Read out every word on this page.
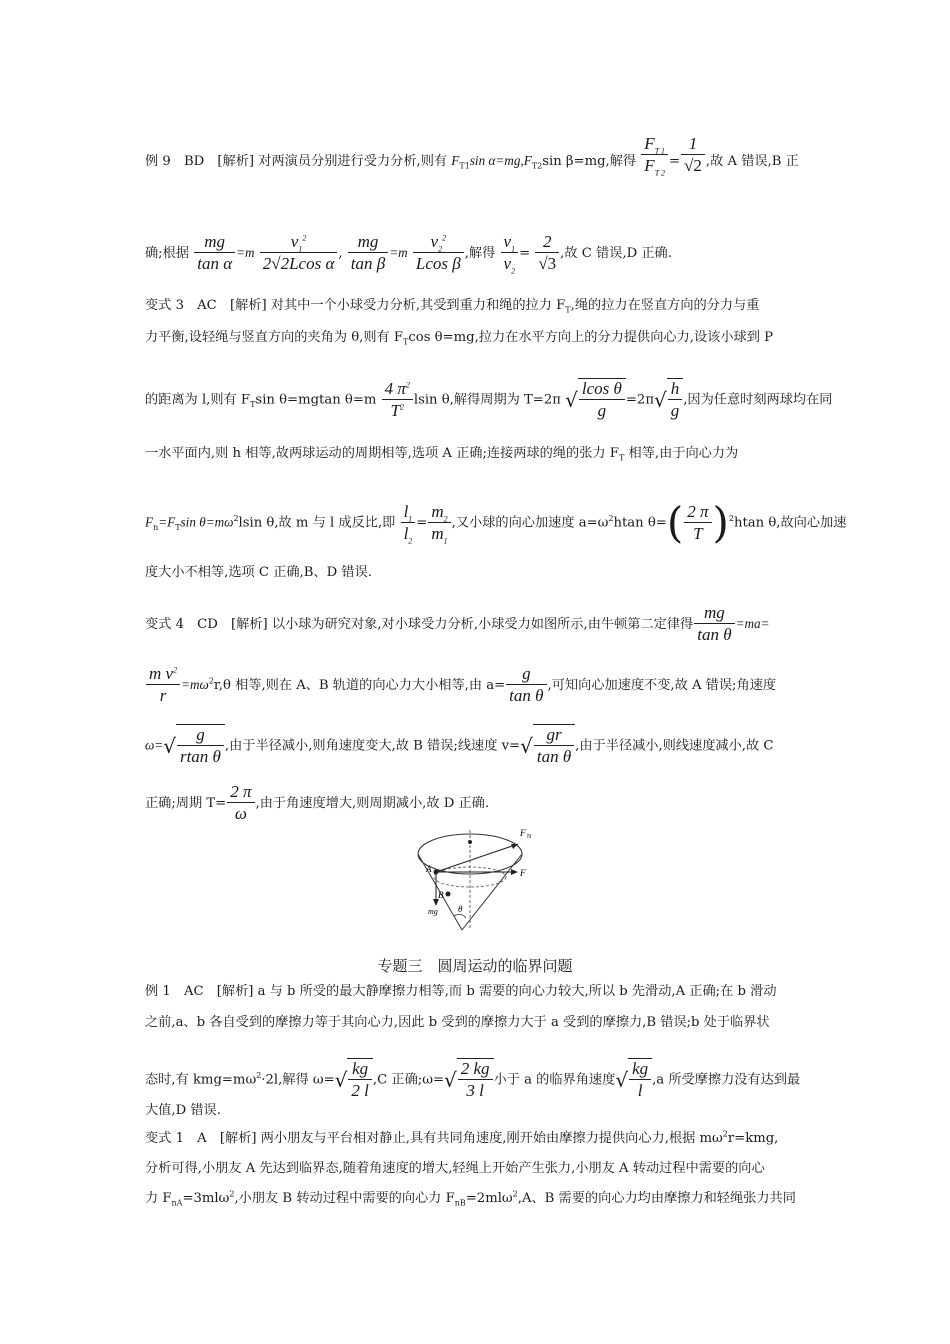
例 9　BD　[解析] 对两演员分别进行受力分析,则有 $F_{T1}\sin$ $\alpha=mg,F_{T2}\sin$ β=mg,解得 $\frac{F_{T 1}}{F_{T 2}} = \frac{1}{√2}$ ,故 A 错误,B 正
确;根据 $\frac{mg}{\text{tan α}} =m \frac{v_1^2}{\text{2√2Lcos α}}$ , $\frac{mg}{\text{tan β}} =m \frac{v_2^2}{\text{Lcos β}}$ ,解得 $\frac{v_1}{v_2} = \frac{2}{√3}$ ,故 C 错误,D 正确.
变式 3　AC　[解析] 对其中一个小球受力分析,其受到重力和绳的拉力 $F_T$,绳的拉力在竖直方向的分力与重
力平衡,设轻绳与竖直方向的夹角为 θ,则有 $F_T\cos$ θ=mg,拉力在水平方向上的分力提供向心力,设该小球到 P
的距离为 l,则有 $F_T\sin$ θ=mgtan $\theta=m \frac{4 \pi^2}{T^2}$ lsin θ,解得周期为 T=2π √ $\frac{\text{lcos θ}}{g} =2\pi√ \frac{h}{g}$ ,因为任意时刻两球均在同
一水平面内,则 h 相等,故两球运动的周期相等,选项 A 正确;连接两球的绳的张力 $F_T$ 相等,由于向心力为
$F_n=F_T\sin$ $\theta=m\omega^2lsin$ θ,故 m 与 l 成反比,即 $\frac{l_1}{l_2} = \frac{m_2}{m_1}$ ,又小球的向心加速度 $a=\omega^2htan$ $\theta=( \frac{2 \pi}{T} )^2htan$ θ,故向心加速
度大小不相等,选项 C 正确,B、D 错误.
变式 4　CD　[解析] 以小球为研究对象,对小球受力分析,小球受力如图所示,由牛顿第二定律得 $\frac{mg}{\text{tan θ}} =ma=$
$\frac{m v^2}{r} =m\omega^2r,\theta$ 相等,则在 A、B 轨道的向心力大小相等,由 $a= \frac{g}{\text{tan θ}}$ ,可知向心加速度不变,故 A 错误;角速度
$\omega=√ \frac{g}{\text{rtan θ}}$ ,由于半径减小,则角速度变大,故 B 错误;线速度 $v=√ \frac{gr}{\text{tan θ}}$ ,由于半径减小,则线速度减小,故 C
正确;周期 $T= \frac{2 \pi}{\omega}$ ,由于角速度增大,则周期减小,故 D 正确.
F N
F
A
B
mg θ
专题三　圆周运动的临界问题
例 1　AC　[解析] a 与 b 所受的最大静摩擦力相等,而 b 需要的向心力较大,所以 b 先滑动,A 正确;在 b 滑动
之前,a、b 各自受到的摩擦力等于其向心力,因此 b 受到的摩擦力大于 a 受到的摩擦力,B 错误;b 处于临界状
态时,有 $kmg=m\omega^2\cdot 2l$,解得 $\omega=√ \frac{kg}{2 l} ,C$ 正确;ω=√ $\frac{2 kg}{3 l}$ 小于 a 的临界角速度√ $\frac{kg}{l} ,a$ 所受摩擦力没有达到最
大值,D 错误.
变式 1　A　[解析] 两小朋友与平台相对静止,具有共同角速度,刚开始由摩擦力提供向心力,根据 $m\omega^2r=kmg$,
分析可得,小朋友 A 先达到临界态,随着角速度的增大,轻绳上开始产生张力,小朋友 A 转动过程中需要的向心
力 $F_{nA}=3ml\omega^2$,小朋友 B 转动过程中需要的向心力 $F_{nB}=2ml\omega^2,A$、B 需要的向心力均由摩擦力和轻绳张力共同
